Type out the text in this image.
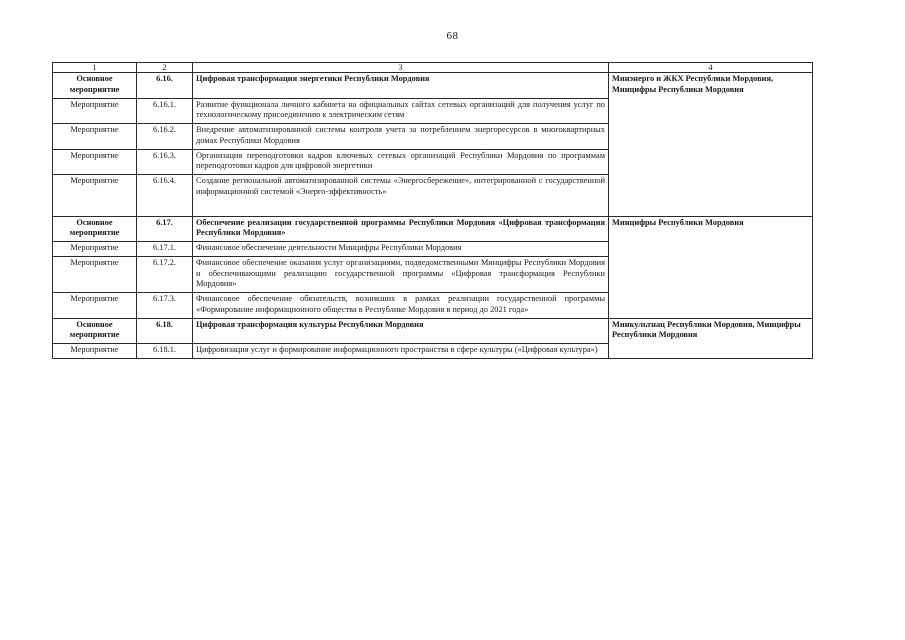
68
1	2	3	4
Основное мероприятие	6.16.	Цифровая трансформация энергетики Республики Мордовия	Минэнерго и ЖКХ Республики Мордовия, Минцифры Республики Мордовия
Мероприятие	6.16.1.	Развитие функционала личного кабинета на официальных сайтах сетевых организаций для получения услуг по технологическому присоединению к электрическим сетям	
Мероприятие	6.16.2.	Внедрение автоматизированной системы контроля учета за потреблением энергоресурсов в многоквартирных домах Республики Мордовия	
Мероприятие	6.16.3.	Организация переподготовки кадров ключевых сетевых организаций Республики Мордовия по программам переподготовки кадров для цифровой энергетики	
Мероприятие	6.16.4.	Создание региональной автоматизированной системы «Энергосбережение», интегрированной с государственной информационной системой «Энерго-эффективность»	
Основное мероприятие	6.17.	Обеспечение реализации государственной программы Республики Мордовия «Цифровая трансформация Республики Мордовия»	Минцифры Республики Мордовия
Мероприятие	6.17.1.	Финансовое обеспечение деятельности Минцифры Республики Мордовия	
Мероприятие	6.17.2.	Финансовое обеспечение оказания услуг организациями, подведомственными Минцифры Республики Мордовия и обеспечивающими реализацию государственной программы «Цифровая трансформация Республики Мордовия»	
Мероприятие	6.17.3.	Финансовое обеспечение обязательств, возникших в рамках реализации государственной программы «Формирование информационного общества в Республике Мордовия в период до 2021 года»	
Основное мероприятие	6.18.	Цифровая трансформация культуры Республики Мордовия	Минкультнац Республики Мордовия, Минцифры Республики Мордовия
Мероприятие	6.18.1.	Цифровизация услуг и формирование информационного пространства в сфере культуры («Цифровая культура»)	
